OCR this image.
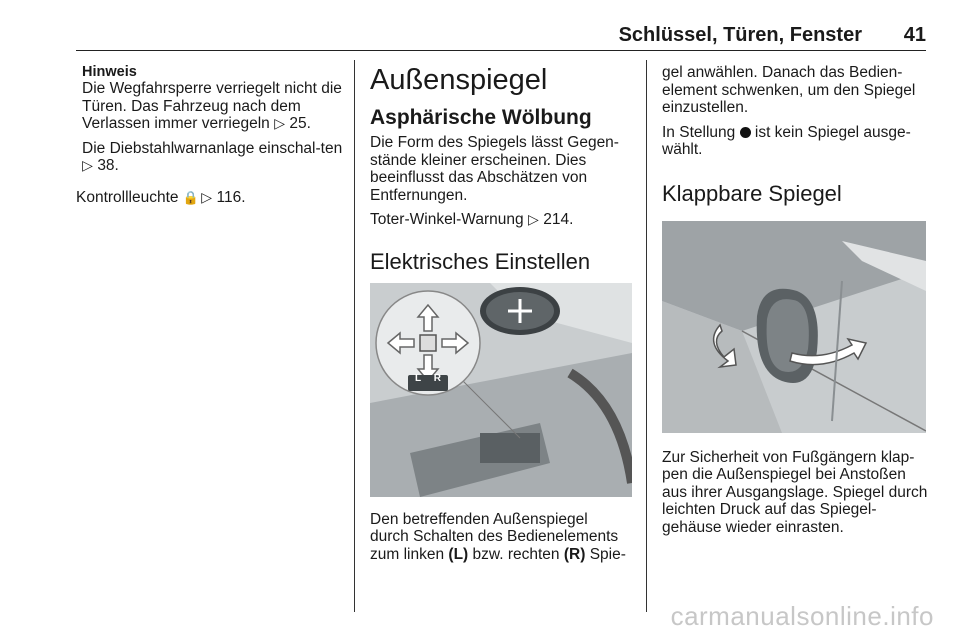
Schlüssel, Türen, Fenster 41

Hinweis

Die Wegfahrsperre verriegelt nicht die Türen. Das Fahrzeug nach dem Verlassen immer verriegeln ▷ 25.

Die Diebstahlwarnanlage einschal-ten ▷ 38.

Kontrollleuchte 🔒 ▷ 116.

Außenspiegel
Asphärische Wölbung

Die Form des Spiegels lässt Gegen-stände kleiner erscheinen. Dies beeinflusst das Abschätzen von Entfernungen.

Toter-Winkel-Warnung ▷ 214.

Elektrisches Einstellen
L R

Den betreffenden Außenspiegel

durch Schalten des Bedienelements

zum linken (L) bzw. rechten (R) Spie-

gel anwählen. Danach das Bedien-element schwenken, um den Spiegel einzustellen.

In Stellung ist kein Spiegel ausge-wählt.

Klappbare Spiegel

Zur Sicherheit von Fußgängern klap-pen die Außenspiegel bei Anstoßen aus ihrer Ausgangslage. Spiegel durch leichten Druck auf das Spiegel-gehäuse wieder einrasten.

carmanualsonline.info
